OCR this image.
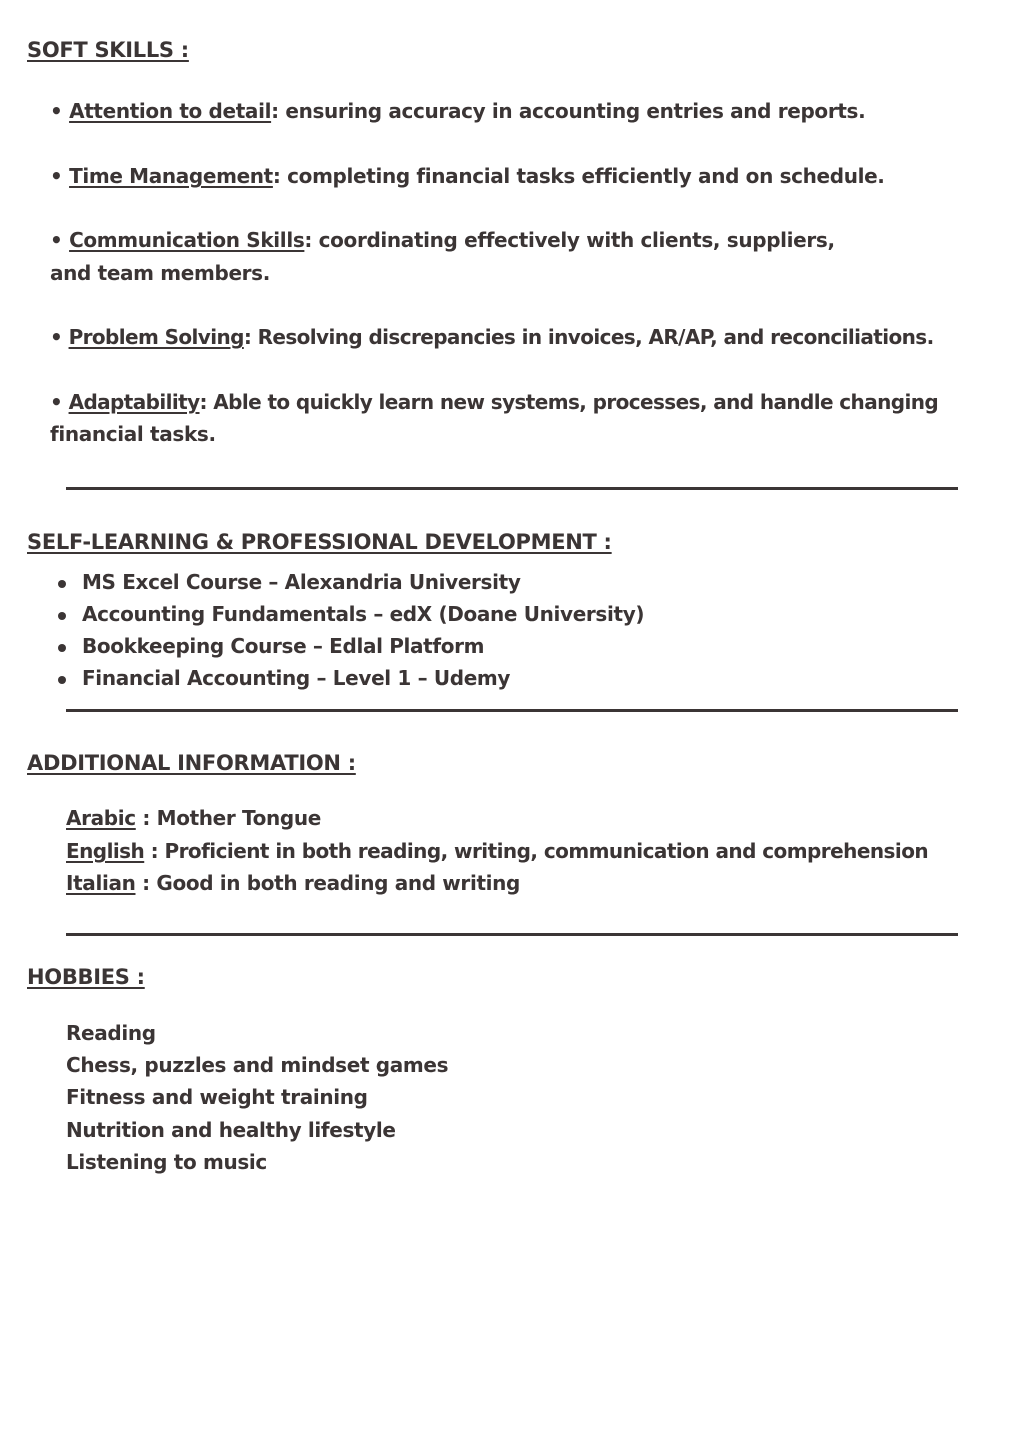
SOFT SKILLS :
• Attention to detail: ensuring accuracy in accounting entries and reports.
• Time Management: completing financial tasks efficiently and on schedule.
• Communication Skills: coordinating effectively with clients, suppliers,
and team members.
• Problem Solving: Resolving discrepancies in invoices, AR/AP, and reconciliations.
• Adaptability: Able to quickly learn new systems, processes, and handle changing
financial tasks.
SELF-LEARNING & PROFESSIONAL DEVELOPMENT :
MS Excel Course – Alexandria University
Accounting Fundamentals – edX (Doane University)
Bookkeeping Course – Edlal Platform
Financial Accounting – Level 1 – Udemy
ADDITIONAL INFORMATION :
Arabic : Mother Tongue
English : Proficient in both reading, writing, communication and comprehension
Italian : Good in both reading and writing
HOBBIES :
Reading
Chess, puzzles and mindset games
Fitness and weight training
Nutrition and healthy lifestyle
Listening to music
